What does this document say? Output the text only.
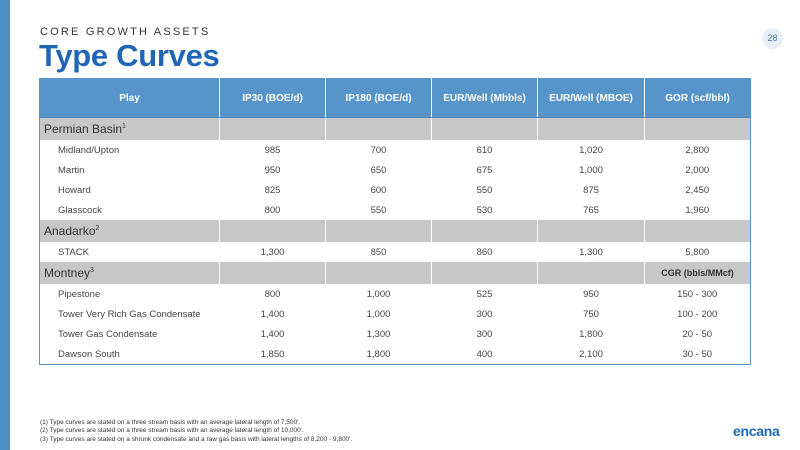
CORE GROWTH ASSETS
Type Curves	28
Play	IP30 (BOE/d)	IP180 (BOE/d)	EUR/Well (Mbbls)	EUR/Well (MBOE)	GOR (scf/bbl)
Permian Basin$^1$					
Midland/Upton	985	700	610	1,020	2,800
Martin	950	650	675	1,000	2,000
Howard	825	600	550	875	2,450
Glasscock	800	550	530	765	1,960
Anadarko$^2$					
STACK	1,300	850	860	1,300	5,800
Montney$^3$					CGR (bbls/MMcf)
Pipestone	800	1,000	525	950	150 - 300
Tower Very Rich Gas Condensate	1,400	1,000	300	750	100 - 200
Tower Gas Condensate	1,400	1,300	300	1,800	20 - 50
Dawson South	1,850	1,800	400	2,100	30 - 50
(1) Type curves are stated on a three stream basis with an average lateral length of 7,500'.
(2) Type curves are stated on a three stream basis with an average lateral length of 10,000'.
(3) Type curves are stated on a shrunk condensate and a raw gas basis with lateral lengths of 8,200 - 9,800'.
encana
